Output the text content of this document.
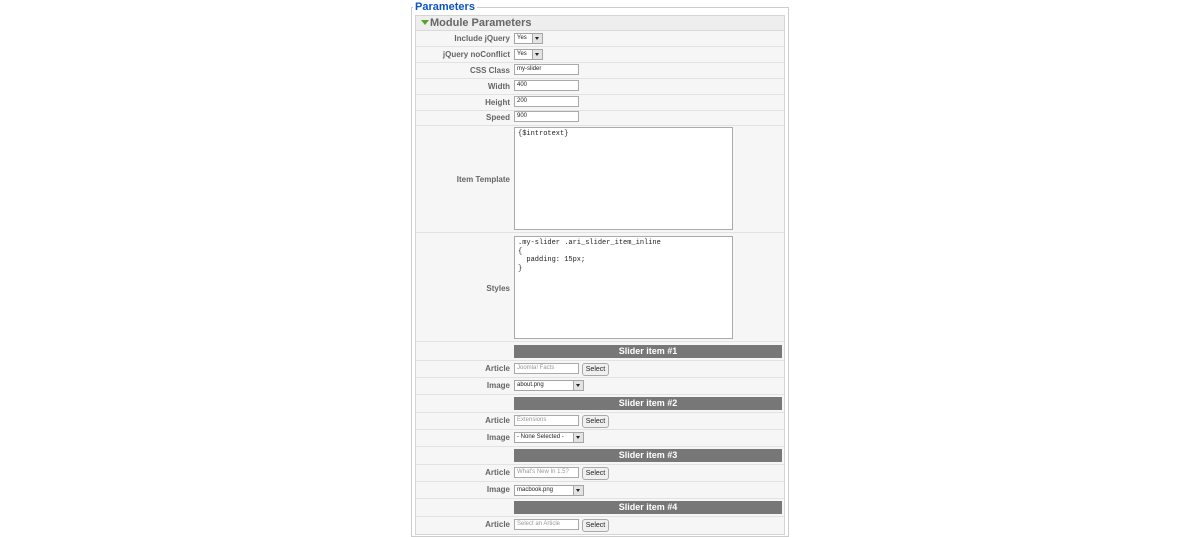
Parameters
Module Parameters
Include jQuery	Yes
jQuery noConflict	Yes
CSS Class	my-slider
Width	400
Height	200
Speed	900
Item Template
{$introtext}
Styles
.my-slider .ari_slider_item_inline
{
padding: 15px;
}
Slider item #1
Article	Joomla! Facts	Select
Image	about.png
Slider item #2
Article	Extensions	Select
Image	- None Selected -
Slider item #3
Article	What's New In 1.5?	Select
Image	macbook.png
Slider item #4
Article	Select an Article	Select
